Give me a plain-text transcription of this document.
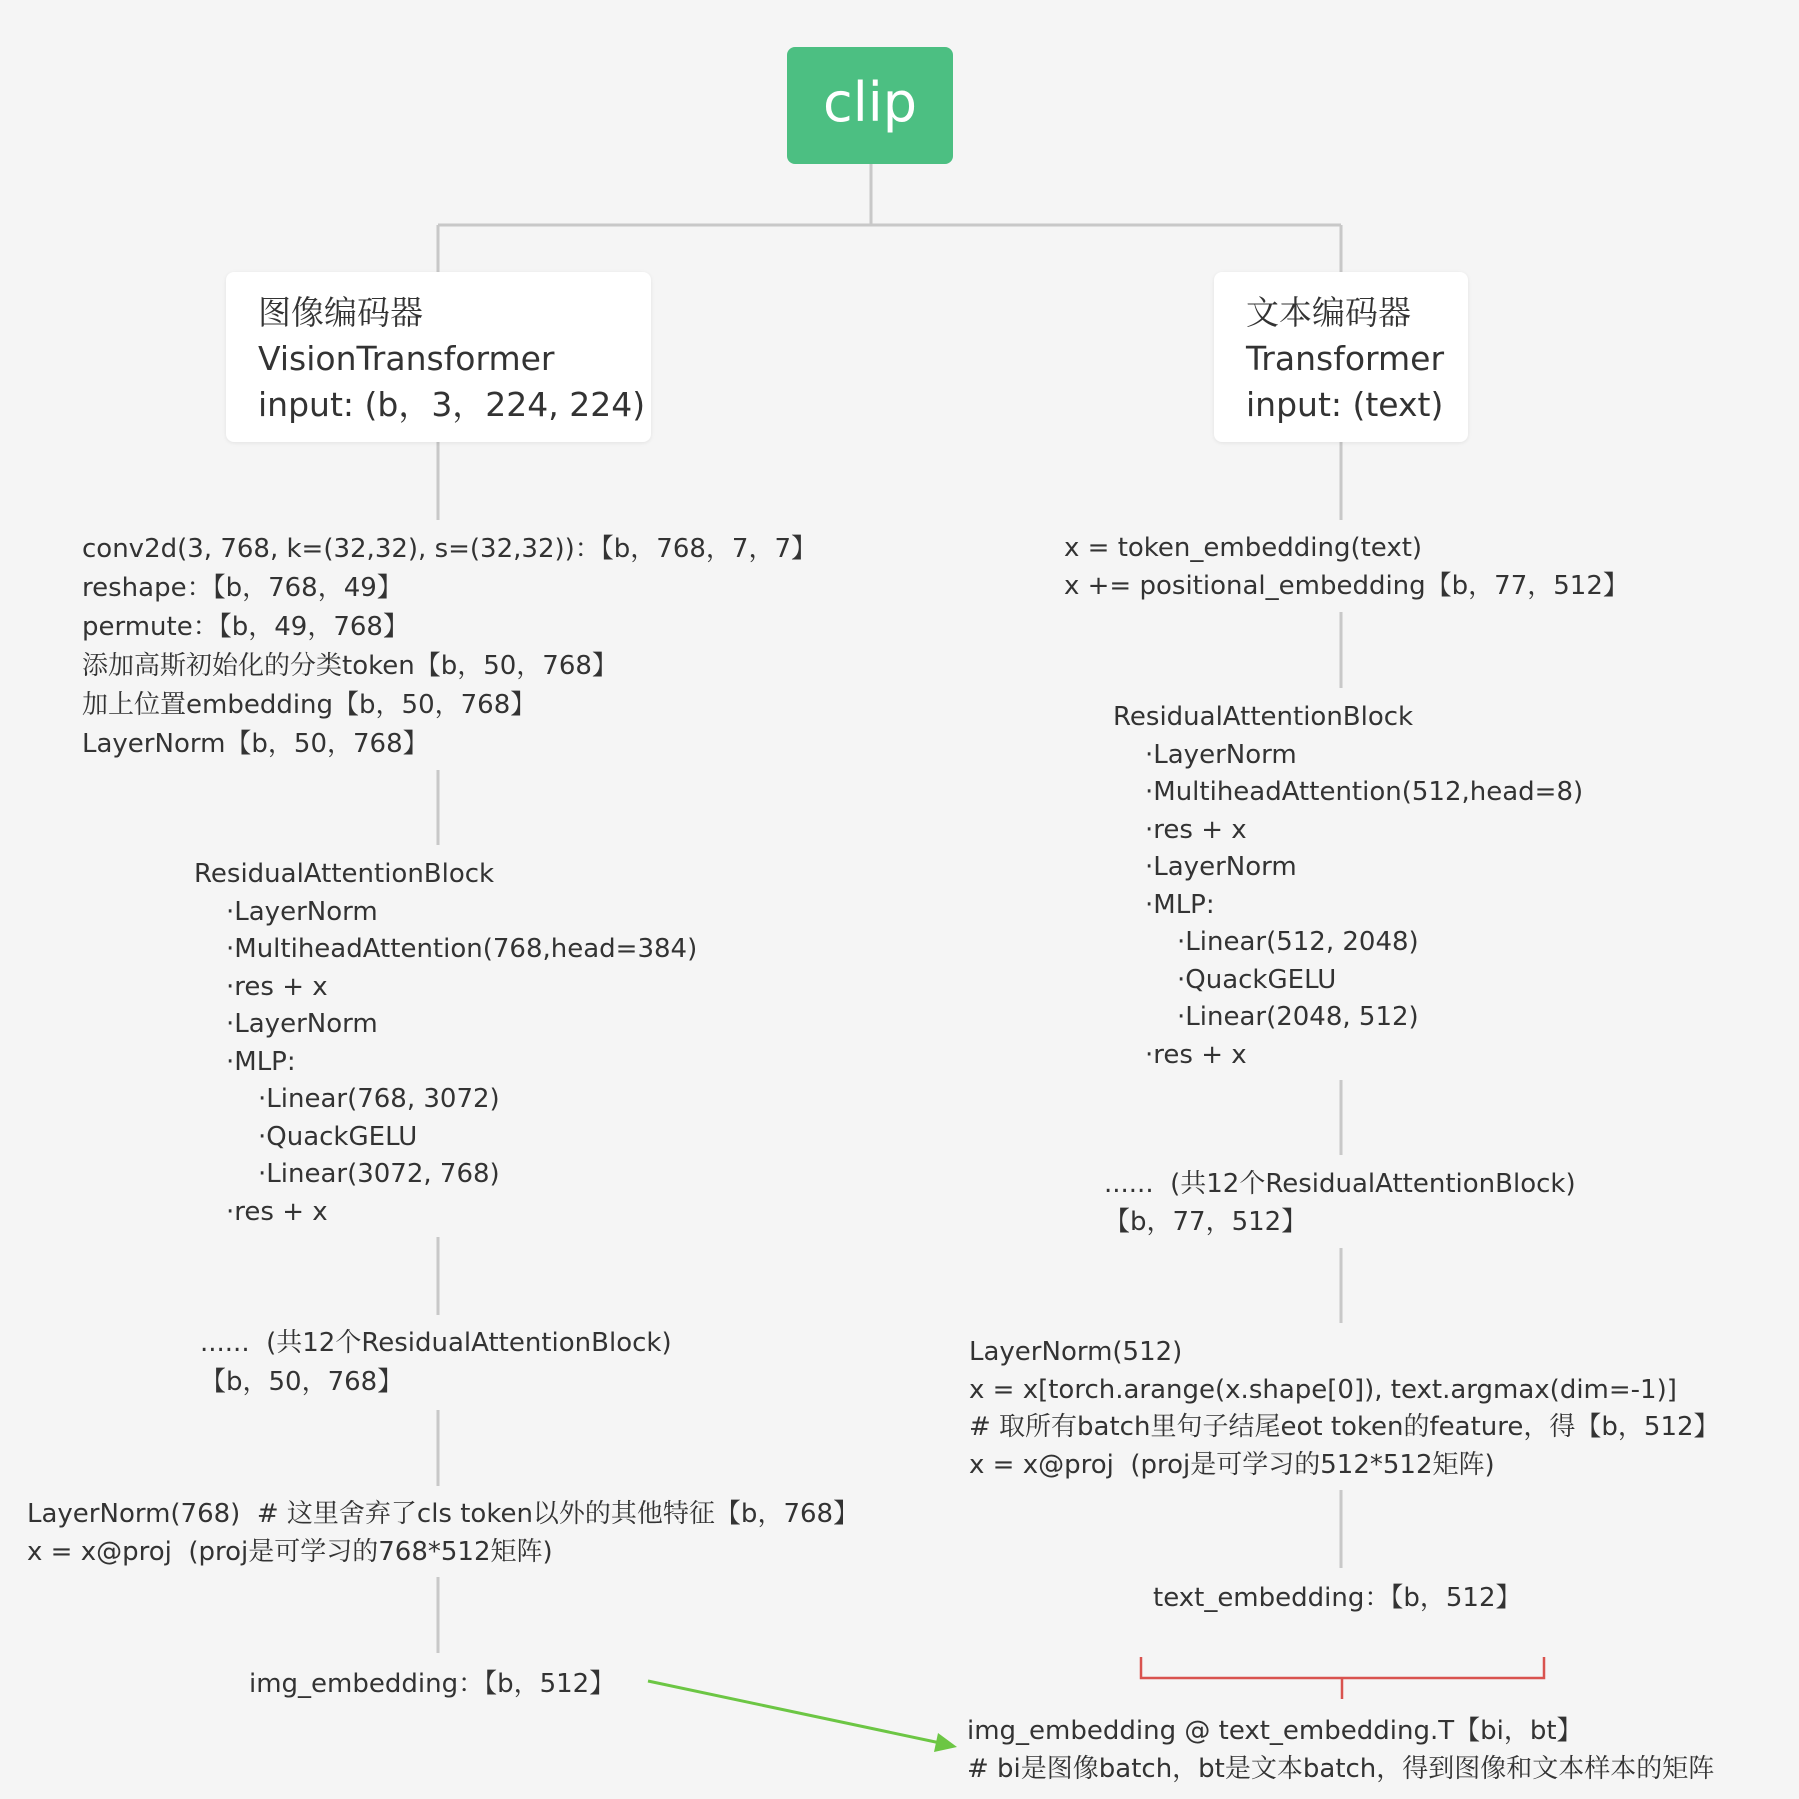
clip
图像编码器
VisionTransformer
input: (b，3，224, 224)
文本编码器
Transformer
input: (text)
conv2d(3, 768, k=(32,32), s=(32,32))：【b，768，7，7】
reshape：【b，768，49】
permute：【b，49，768】
添加高斯初始化的分类token【b，50，768】
加上位置embedding【b，50，768】
LayerNorm【b，50，768】
ResidualAttentionBlock
·LayerNorm
·MultiheadAttention(768,head=384)
·res + x
·LayerNorm
·MLP:
·Linear(768, 3072)
·QuackGELU
·Linear(3072, 768)
·res + x
......  (共12个ResidualAttentionBlock)
【b，50，768】
LayerNorm(768)  # 这里舍弃了cls token以外的其他特征【b，768】
x = x@proj  (proj是可学习的768*512矩阵)
img_embedding：【b，512】
x = token_embedding(text)
x += positional_embedding【b，77，512】
ResidualAttentionBlock
·LayerNorm
·MultiheadAttention(512,head=8)
·res + x
·LayerNorm
·MLP:
·Linear(512, 2048)
·QuackGELU
·Linear(2048, 512)
·res + x
......  (共12个ResidualAttentionBlock)
【b，77，512】
LayerNorm(512)
x = x[torch.arange(x.shape[0]), text.argmax(dim=-1)]
# 取所有batch里句子结尾eot token的feature，得【b，512】
x = x@proj  (proj是可学习的512*512矩阵)
text_embedding：【b，512】
img_embedding @ text_embedding.T【bi，bt】
# bi是图像batch，bt是文本batch，得到图像和文本样本的矩阵
